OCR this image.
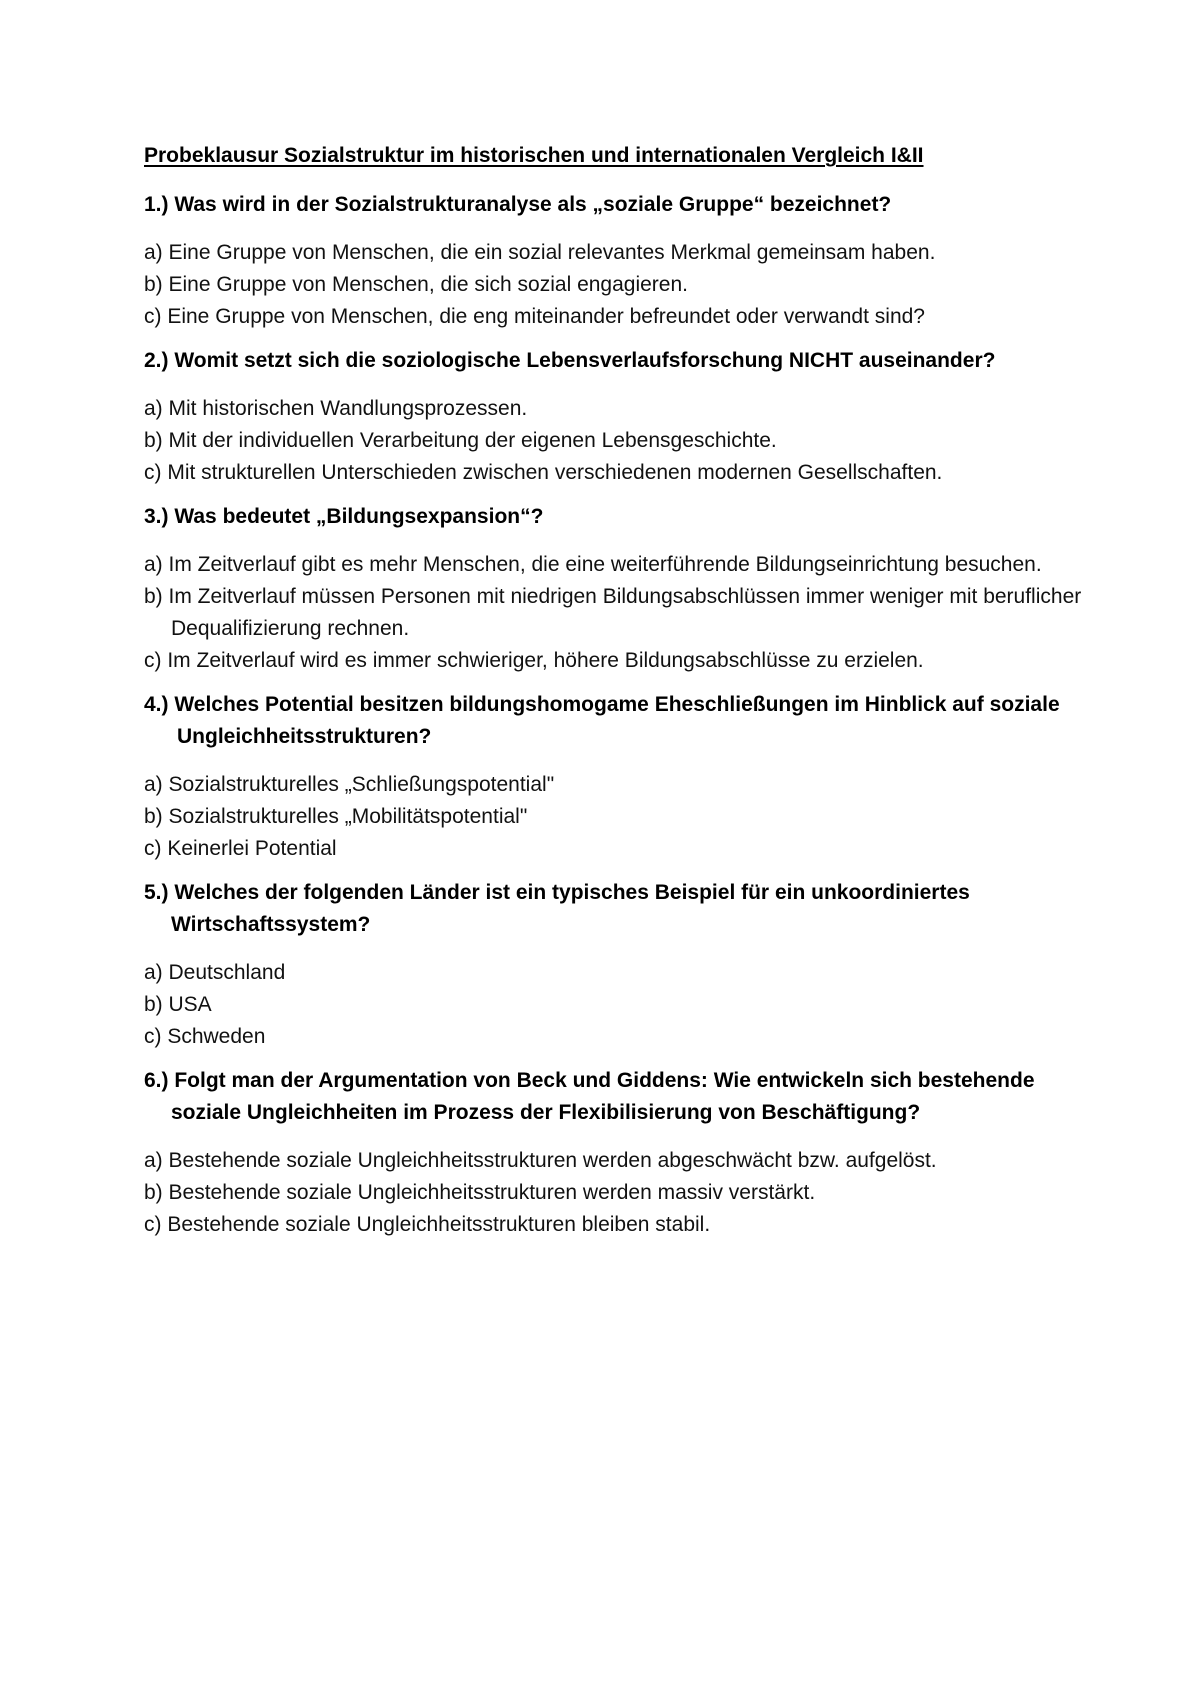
Probeklausur Sozialstruktur im historischen und internationalen Vergleich I&II

1.) Was wird in der Sozialstrukturanalyse als „soziale Gruppe“ bezeichnet?

a) Eine Gruppe von Menschen, die ein sozial relevantes Merkmal gemeinsam haben.
b) Eine Gruppe von Menschen, die sich sozial engagieren.
c) Eine Gruppe von Menschen, die eng miteinander befreundet oder verwandt sind?

2.) Womit setzt sich die soziologische Lebensverlaufsforschung NICHT auseinander?

a) Mit historischen Wandlungsprozessen.
b) Mit der individuellen Verarbeitung der eigenen Lebensgeschichte.
c) Mit strukturellen Unterschieden zwischen verschiedenen modernen Gesellschaften.

3.) Was bedeutet „Bildungsexpansion“?

a) Im Zeitverlauf gibt es mehr Menschen, die eine weiterführende Bildungseinrichtung besuchen.
b) Im Zeitverlauf müssen Personen mit niedrigen Bildungsabschlüssen immer weniger mit beruflicher Dequalifizierung rechnen.
c) Im Zeitverlauf wird es immer schwieriger, höhere Bildungsabschlüsse zu erzielen.

4.) Welches Potential besitzen bildungshomogame Eheschließungen im Hinblick auf soziale Ungleichheitsstrukturen?

a) Sozialstrukturelles „Schließungspotential"
b) Sozialstrukturelles „Mobilitätspotential"
c) Keinerlei Potential

5.) Welches der folgenden Länder ist ein typisches Beispiel für ein unkoordiniertes Wirtschaftssystem?

a) Deutschland
b) USA
c) Schweden

6.) Folgt man der Argumentation von Beck und Giddens: Wie entwickeln sich bestehende soziale Ungleichheiten im Prozess der Flexibilisierung von Beschäftigung?

a) Bestehende soziale Ungleichheitsstrukturen werden abgeschwächt bzw. aufgelöst.
b) Bestehende soziale Ungleichheitsstrukturen werden massiv verstärkt.
c) Bestehende soziale Ungleichheitsstrukturen bleiben stabil.
